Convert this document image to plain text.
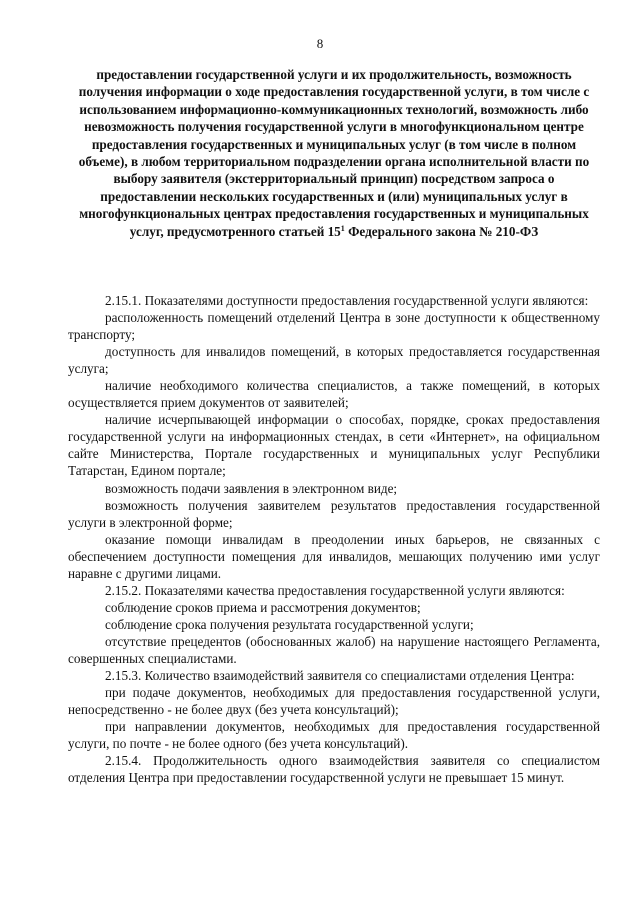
8
предоставлении государственной услуги и их продолжительность, возможность получения информации о ходе предоставления государственной услуги, в том числе с использованием информационно-коммуникационных технологий, возможность либо невозможность получения государственной услуги в многофункциональном центре предоставления государственных и муниципальных услуг (в том числе в полном объеме), в любом территориальном подразделении органа исполнительной власти по выбору заявителя (экстерриториальный принцип) посредством запроса о предоставлении нескольких государственных и (или) муниципальных услуг в многофункциональных центрах предоставления государственных и муниципальных услуг, предусмотренного статьей $15^1$ Федерального закона № 210-ФЗ

2.15.1. Показателями доступности предоставления государственной услуги являются:

расположенность помещений отделений Центра в зоне доступности к общественному транспорту;

доступность для инвалидов помещений, в которых предоставляется государственная услуга;

наличие необходимого количества специалистов, а также помещений, в которых осуществляется прием документов от заявителей;

наличие исчерпывающей информации о способах, порядке, сроках предоставления государственной услуги на информационных стендах, в сети «Интернет», на официальном сайте Министерства, Портале государственных и муниципальных услуг Республики Татарстан, Едином портале;

возможность подачи заявления в электронном виде;

возможность получения заявителем результатов предоставления государственной услуги в электронной форме;

оказание помощи инвалидам в преодолении иных барьеров, не связанных с обеспечением доступности помещения для инвалидов, мешающих получению ими услуг наравне с другими лицами.

2.15.2. Показателями качества предоставления государственной услуги являются:

соблюдение сроков приема и рассмотрения документов;

соблюдение срока получения результата государственной услуги;

отсутствие прецедентов (обоснованных жалоб) на нарушение настоящего Регламента, совершенных специалистами.

2.15.3. Количество взаимодействий заявителя со специалистами отделения Центра:

при подаче документов, необходимых для предоставления государственной услуги, непосредственно - не более двух (без учета консультаций);

при направлении документов, необходимых для предоставления государственной услуги, по почте - не более одного (без учета консультаций).

2.15.4. Продолжительность одного взаимодействия заявителя со специалистом отделения Центра при предоставлении государственной услуги не превышает 15 минут.
